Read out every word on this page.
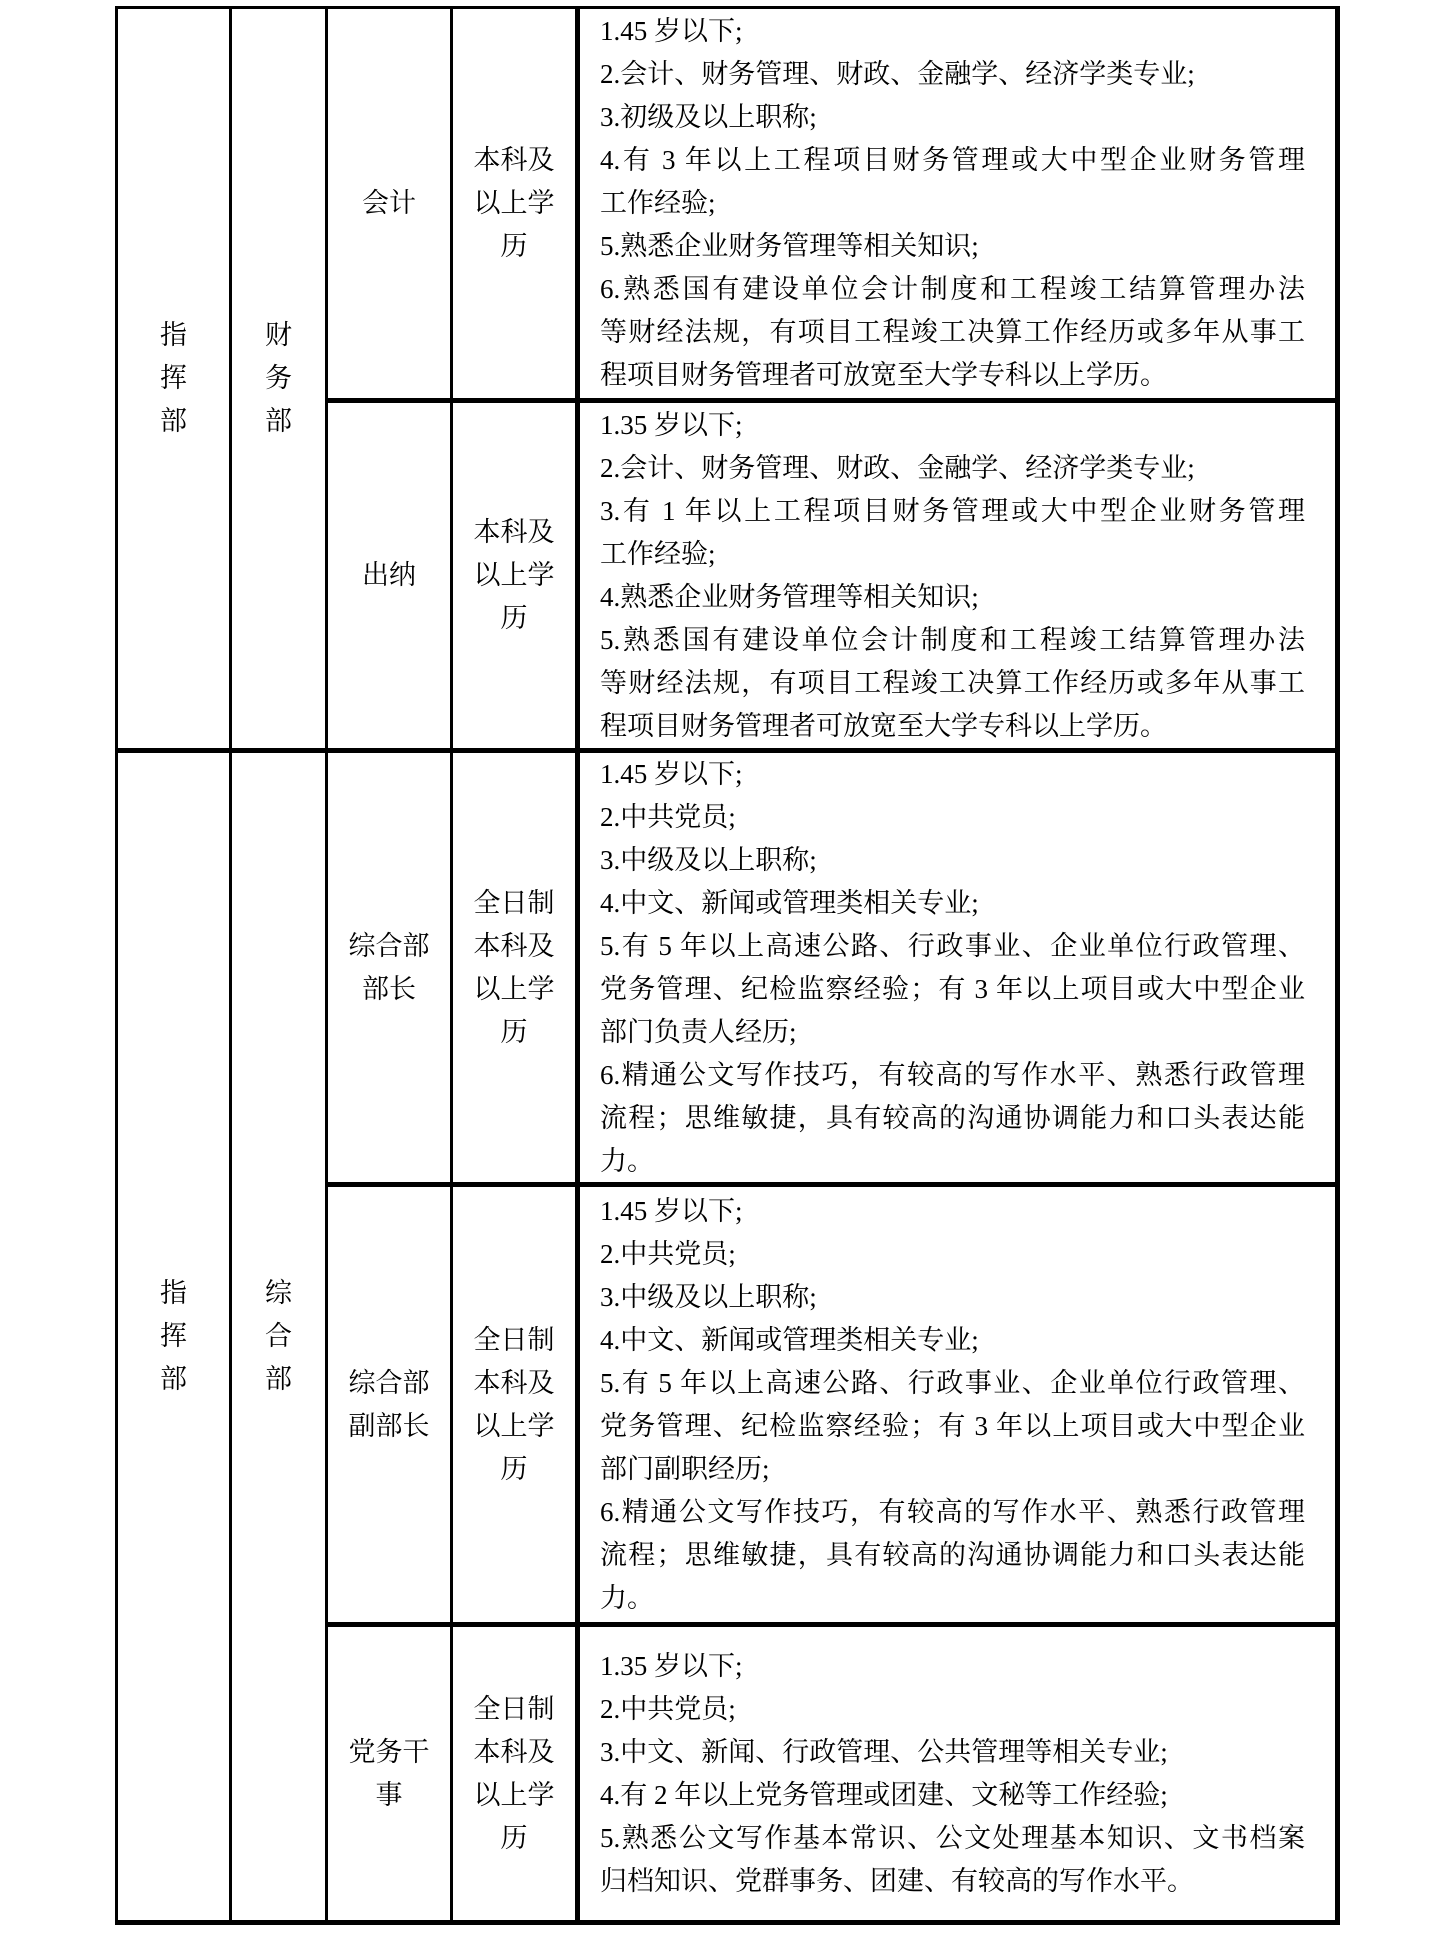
指
挥
部
财
务
部
会计
本科及
以上学
历
1.45 岁以下;
2.会计、财务管理、财政、金融学、经济学类专业;
3.初级及以上职称;
4.有 3 年以上工程项目财务管理或大中型企业财务管理
工作经验;
5.熟悉企业财务管理等相关知识;
6.熟悉国有建设单位会计制度和工程竣工结算管理办法
等财经法规，有项目工程竣工决算工作经历或多年从事工
程项目财务管理者可放宽至大学专科以上学历。
出纳
本科及
以上学
历
1.35 岁以下;
2.会计、财务管理、财政、金融学、经济学类专业;
3.有 1 年以上工程项目财务管理或大中型企业财务管理
工作经验;
4.熟悉企业财务管理等相关知识;
5.熟悉国有建设单位会计制度和工程竣工结算管理办法
等财经法规，有项目工程竣工决算工作经历或多年从事工
程项目财务管理者可放宽至大学专科以上学历。
指
挥
部
综
合
部
综合部
部长
全日制
本科及
以上学
历
1.45 岁以下;
2.中共党员;
3.中级及以上职称;
4.中文、新闻或管理类相关专业;
5.有 5 年以上高速公路、行政事业、企业单位行政管理、
党务管理、纪检监察经验；有 3 年以上项目或大中型企业
部门负责人经历;
6.精通公文写作技巧，有较高的写作水平、熟悉行政管理
流程；思维敏捷，具有较高的沟通协调能力和口头表达能
力。
综合部
副部长
全日制
本科及
以上学
历
1.45 岁以下;
2.中共党员;
3.中级及以上职称;
4.中文、新闻或管理类相关专业;
5.有 5 年以上高速公路、行政事业、企业单位行政管理、
党务管理、纪检监察经验；有 3 年以上项目或大中型企业
部门副职经历;
6.精通公文写作技巧，有较高的写作水平、熟悉行政管理
流程；思维敏捷，具有较高的沟通协调能力和口头表达能
力。
党务干
事
全日制
本科及
以上学
历
1.35 岁以下;
2.中共党员;
3.中文、新闻、行政管理、公共管理等相关专业;
4.有 2 年以上党务管理或团建、文秘等工作经验;
5.熟悉公文写作基本常识、公文处理基本知识、文书档案
归档知识、党群事务、团建、有较高的写作水平。
